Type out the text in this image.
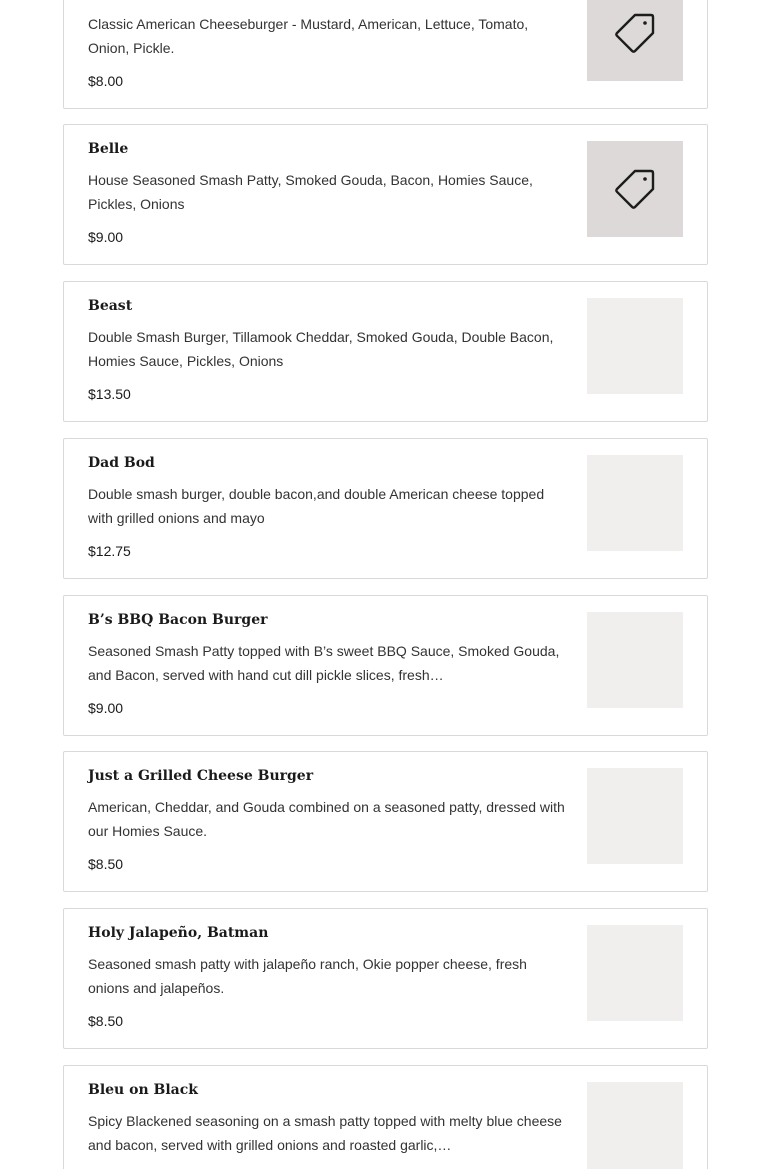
Classic American Cheeseburger - Mustard, American, Lettuce, Tomato, Onion, Pickle.

$8.00
Belle

House Seasoned Smash Patty, Smoked Gouda, Bacon, Homies Sauce, Pickles, Onions

$9.00
Beast

Double Smash Burger, Tillamook Cheddar, Smoked Gouda, Double Bacon, Homies Sauce, Pickles, Onions

$13.50
Dad Bod

Double smash burger, double bacon,and double American cheese topped with grilled onions and mayo

$12.75
B’s BBQ Bacon Burger

Seasoned Smash Patty topped with B’s sweet BBQ Sauce, Smoked Gouda, and Bacon, served with hand cut dill pickle slices, fresh…

$9.00
Just a Grilled Cheese Burger

American, Cheddar, and Gouda combined on a seasoned patty, dressed with our Homies Sauce.

$8.50
Holy Jalapeño, Batman

Seasoned smash patty with jalapeño ranch, Okie popper cheese, fresh onions and jalapeños.

$8.50
Bleu on Black

Spicy Blackened seasoning on a smash patty topped with melty blue cheese and bacon, served with grilled onions and roasted garlic,…
